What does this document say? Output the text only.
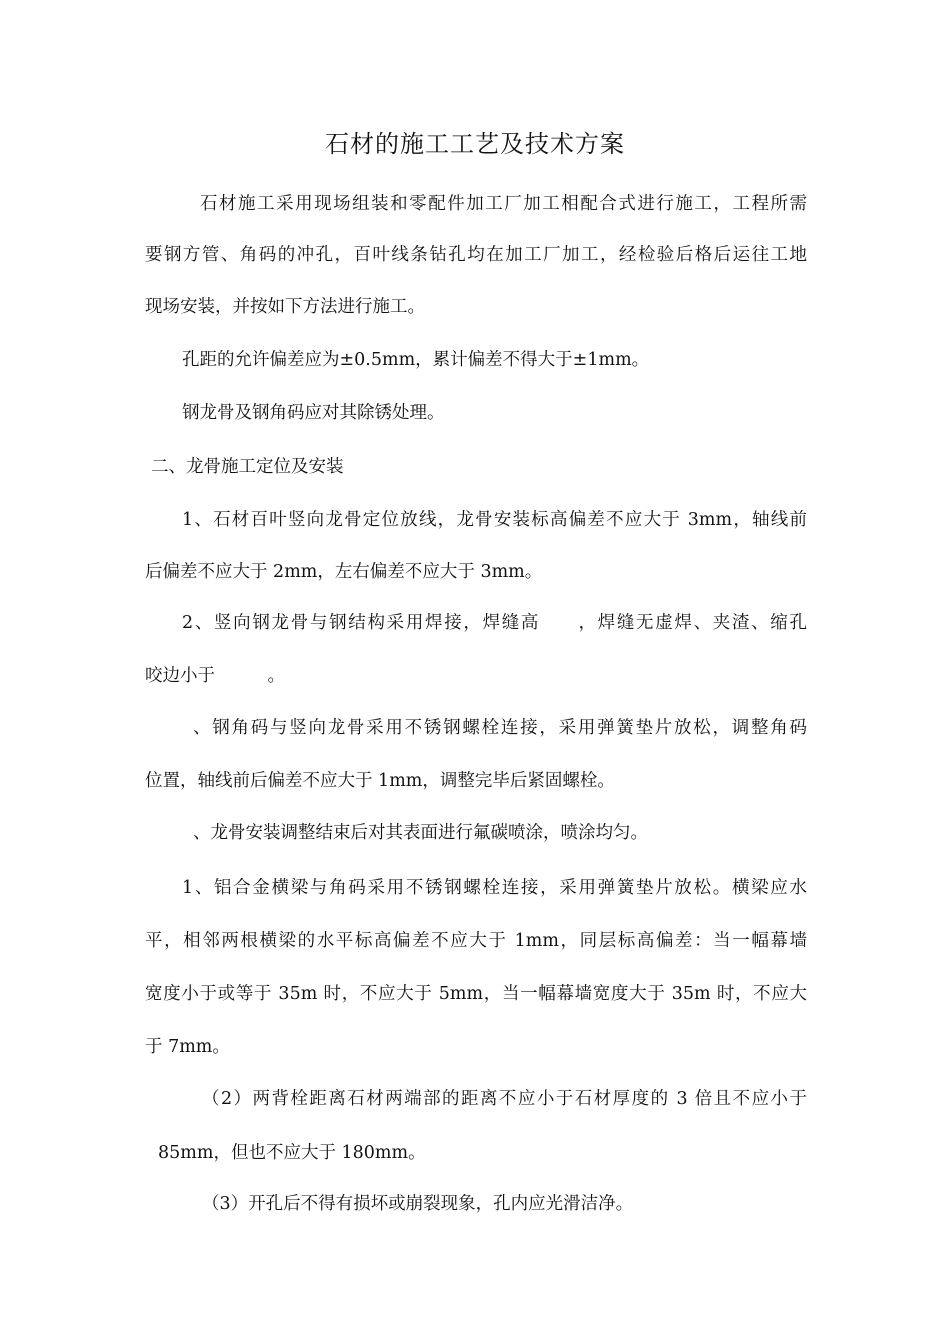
石材的施工工艺及技术方案
石材施工采用现场组装和零配件加工厂加工相配合式进行施工，工程所需
要钢方管、角码的冲孔，百叶线条钻孔均在加工厂加工，经检验后格后运往工地
现场安装，并按如下方法进行施工。
孔距的允许偏差应为±0.5mm，累计偏差不得大于±1mm。
钢龙骨及钢角码应对其除锈处理。
二、龙骨施工定位及安装
1、石材百叶竖向龙骨定位放线，龙骨安装标高偏差不应大于 3mm，轴线前
后偏差不应大于 2mm，左右偏差不应大于 3mm。
2、竖向钢龙骨与钢结构采用焊接，焊缝高　　，焊缝无虚焊、夹渣、缩孔
咬边小于　　　。
、钢角码与竖向龙骨采用不锈钢螺栓连接，采用弹簧垫片放松，调整角码
位置，轴线前后偏差不应大于 1mm，调整完毕后紧固螺栓。
、龙骨安装调整结束后对其表面进行氟碳喷涂，喷涂均匀。
1、铝合金横梁与角码采用不锈钢螺栓连接，采用弹簧垫片放松。横梁应水
平，相邻两根横梁的水平标高偏差不应大于 1mm，同层标高偏差：当一幅幕墙
宽度小于或等于 35m 时，不应大于 5mm，当一幅幕墙宽度大于 35m 时，不应大
于 7mm。
（2）两背栓距离石材两端部的距离不应小于石材厚度的 3 倍且不应小于
85mm，但也不应大于 180mm。
（3）开孔后不得有损坏或崩裂现象，孔内应光滑洁净。
